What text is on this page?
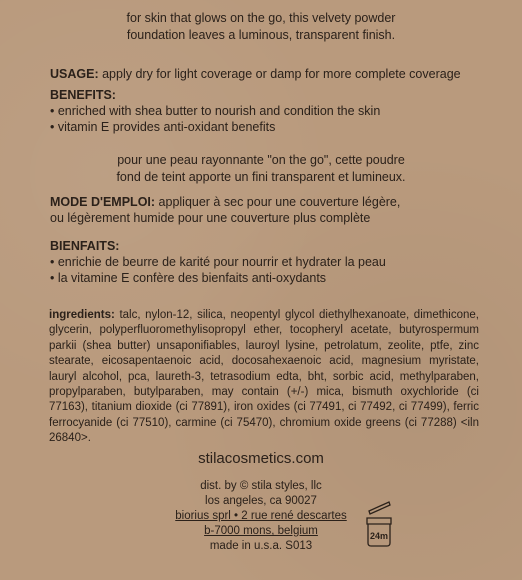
for skin that glows on the go, this velvety powder
foundation leaves a luminous, transparent finish.
USAGE: apply dry for light coverage or damp for more complete coverage
BENEFITS:
• enriched with shea butter to nourish and condition the skin
• vitamin E provides anti-oxidant benefits
pour une peau rayonnante "on the go", cette poudre
fond de teint apporte un fini transparent et lumineux.
MODE D'EMPLOI: appliquer à sec pour une couverture légère,
ou légèrement humide pour une couverture plus complète
BIENFAITS:
• enrichie de beurre de karité pour nourrir et hydrater la peau
• la vitamine E confère des bienfaits anti-oxydants

ingredients: talc, nylon-12, silica, neopentyl glycol diethylhexanoate, dimethicone, glycerin, polyperfluoromethylisopropyl ether, tocopheryl acetate, butyrospermum parkii (shea butter) unsaponifiables, lauroyl lysine, petrolatum, zeolite, ptfe, zinc stearate, eicosapentaenoic acid, docosahexaenoic acid, magnesium myristate, lauryl alcohol, pca, laureth-3, tetrasodium edta, bht, sorbic acid, methylparaben, propylparaben, butylparaben, may contain (+/-) mica, bismuth oxychloride (ci 77163), titanium dioxide (ci 77891), iron oxides (ci 77491, ci 77492, ci 77499), ferric ferrocyanide (ci 77510), carmine (ci 75470), chromium oxide greens (ci 77288) <iln 26840>.

stilacosmetics.com
dist. by © stila styles, llc
los angeles, ca 90027
biorius sprl • 2 rue rené descartes
b-7000 mons, belgium
made in u.s.a. S013
24m
